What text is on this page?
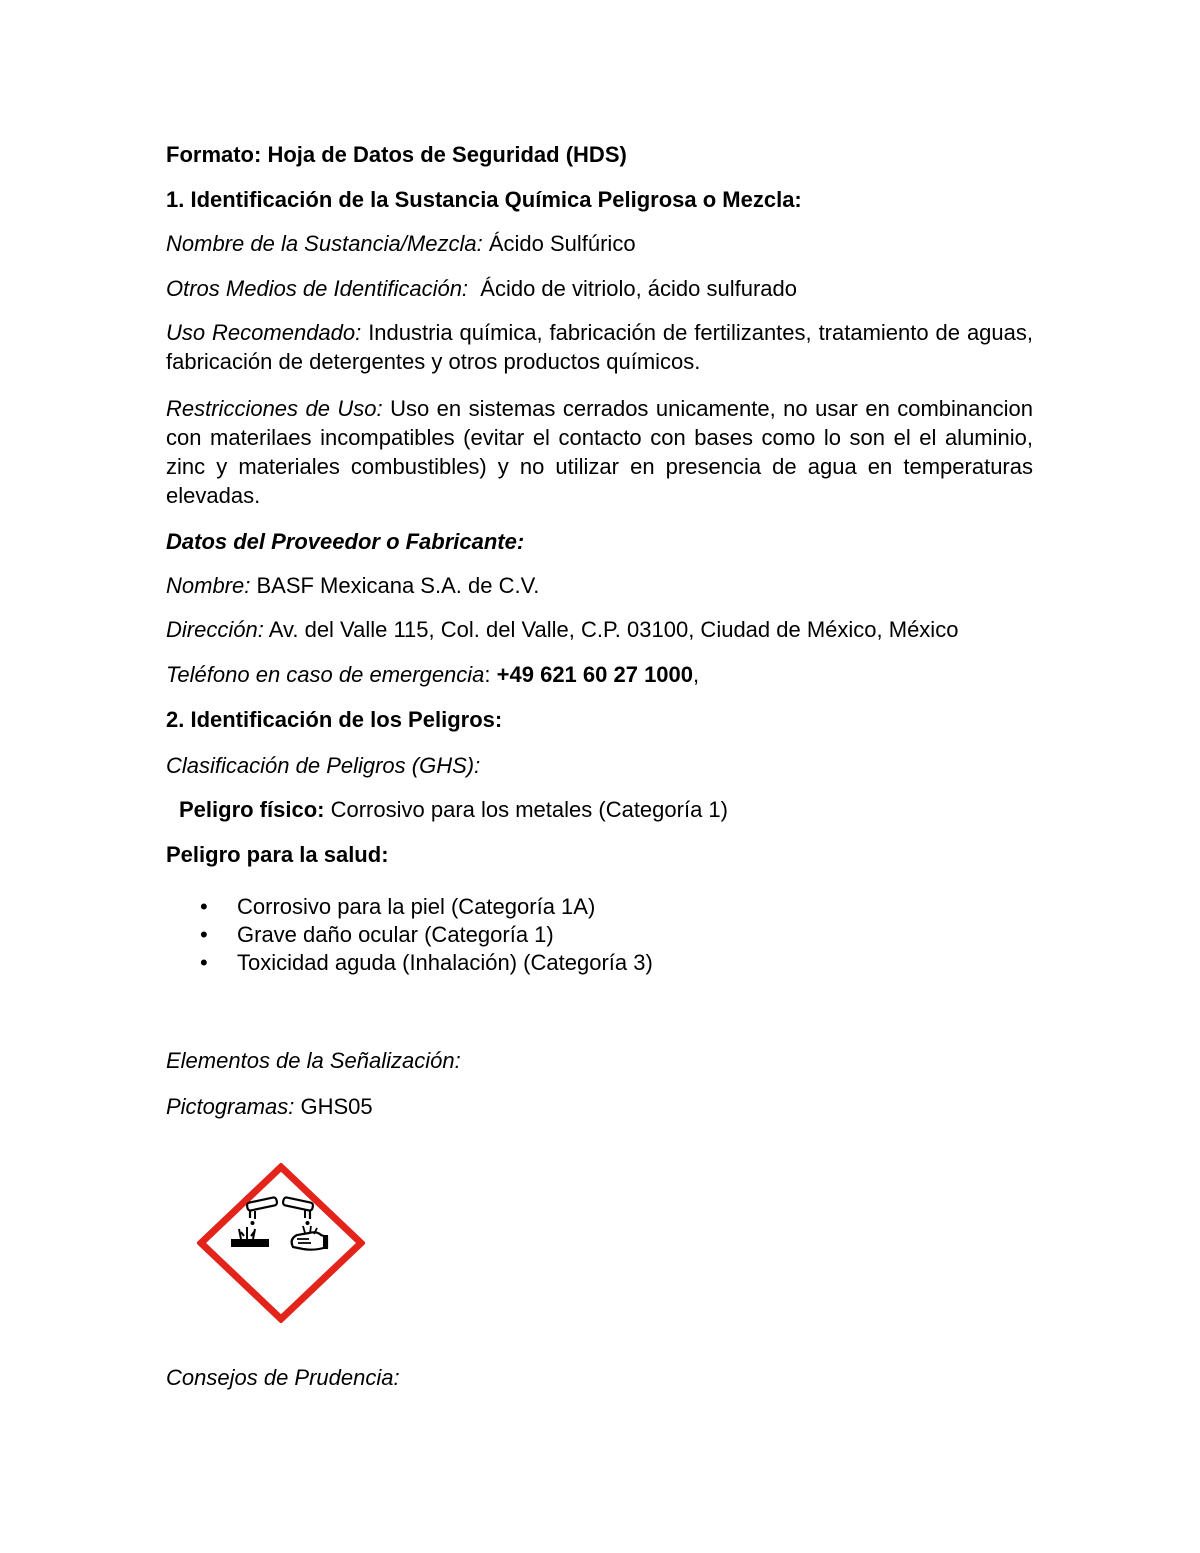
Formato: Hoja de Datos de Seguridad (HDS)
1. Identificación de la Sustancia Química Peligrosa o Mezcla:
Nombre de la Sustancia/Mezcla: Ácido Sulfúrico
Otros Medios de Identificación:  Ácido de vitriolo, ácido sulfurado
Uso Recomendado: Industria química, fabricación de fertilizantes, tratamiento de aguas, fabricación de detergentes y otros productos químicos.
Restricciones de Uso: Uso en sistemas cerrados unicamente, no usar en combinancion con materilaes incompatibles (evitar el contacto con bases como lo son el el aluminio, zinc y materiales combustibles) y no utilizar en presencia de agua en temperaturas elevadas.
Datos del Proveedor o Fabricante:
Nombre: BASF Mexicana S.A. de C.V.
Dirección: Av. del Valle 115, Col. del Valle, C.P. 03100, Ciudad de México, México
Teléfono en caso de emergencia: +49 621 60 27 1000,
2. Identificación de los Peligros:
Clasificación de Peligros (GHS):
Peligro físico: Corrosivo para los metales (Categoría 1)
Peligro para la salud:
• Corrosivo para la piel (Categoría 1A)
• Grave daño ocular (Categoría 1)
• Toxicidad aguda (Inhalación) (Categoría 3)
Elementos de la Señalización:
Pictogramas: GHS05
Consejos de Prudencia:
